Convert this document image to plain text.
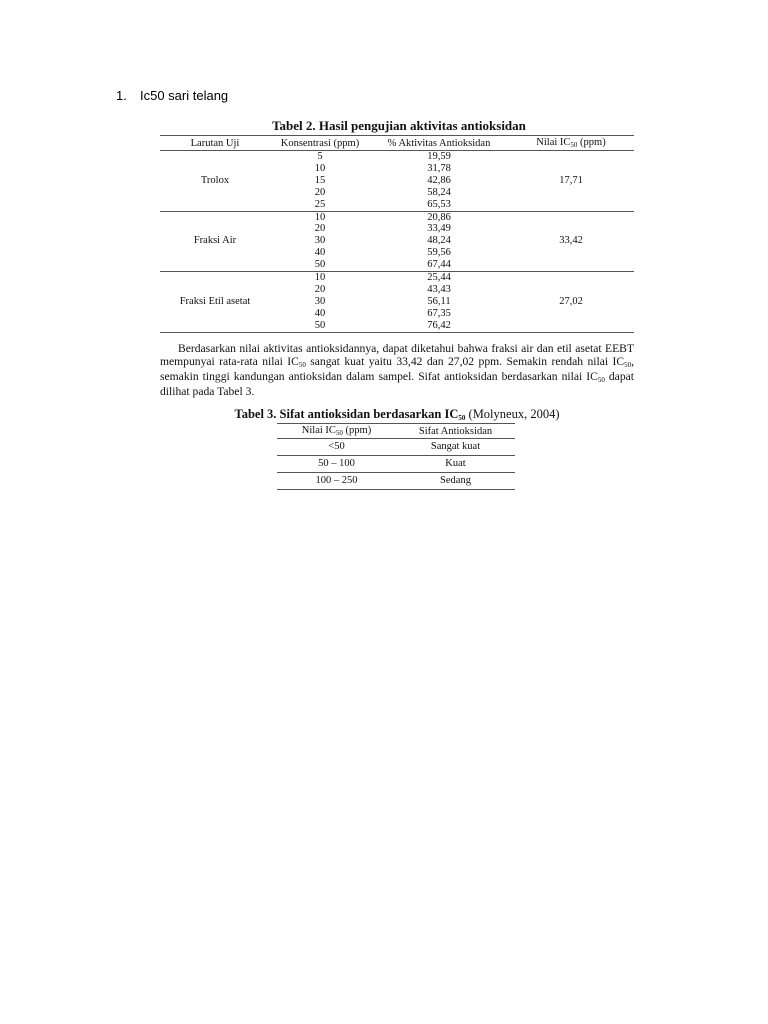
1. Ic50 sari telang
Tabel 2. Hasil pengujian aktivitas antioksidan
Larutan Uji	Konsentrasi (ppm)	% Aktivitas Antioksidan	Nilai IC50 (ppm)
Trolox	5	19,59	17,71
	10	31,78	
	15	42,86	
	20	58,24	
	25	65,53	
Fraksi Air	10	20,86	33,42
	20	33,49	
	30	48,24	
	40	59,56	
	50	67,44	
Fraksi Etil asetat	10	25,44	27,02
	20	43,43	
	30	56,11	
	40	67,35	
	50	76,42	
Berdasarkan nilai aktivitas antioksidannya, dapat diketahui bahwa fraksi air dan etil asetat EEBT mempunyai rata-rata nilai IC50 sangat kuat yaitu 33,42 dan 27,02 ppm. Semakin rendah nilai IC50, semakin tinggi kandungan antioksidan dalam sampel. Sifat antioksidan berdasarkan nilai IC50 dapat dilihat pada Tabel 3.
Tabel 3. Sifat antioksidan berdasarkan IC50 (Molyneux, 2004)
Nilai IC50 (ppm)	Sifat Antioksidan
<50	Sangat kuat
50 – 100	Kuat
100 – 250	Sedang
